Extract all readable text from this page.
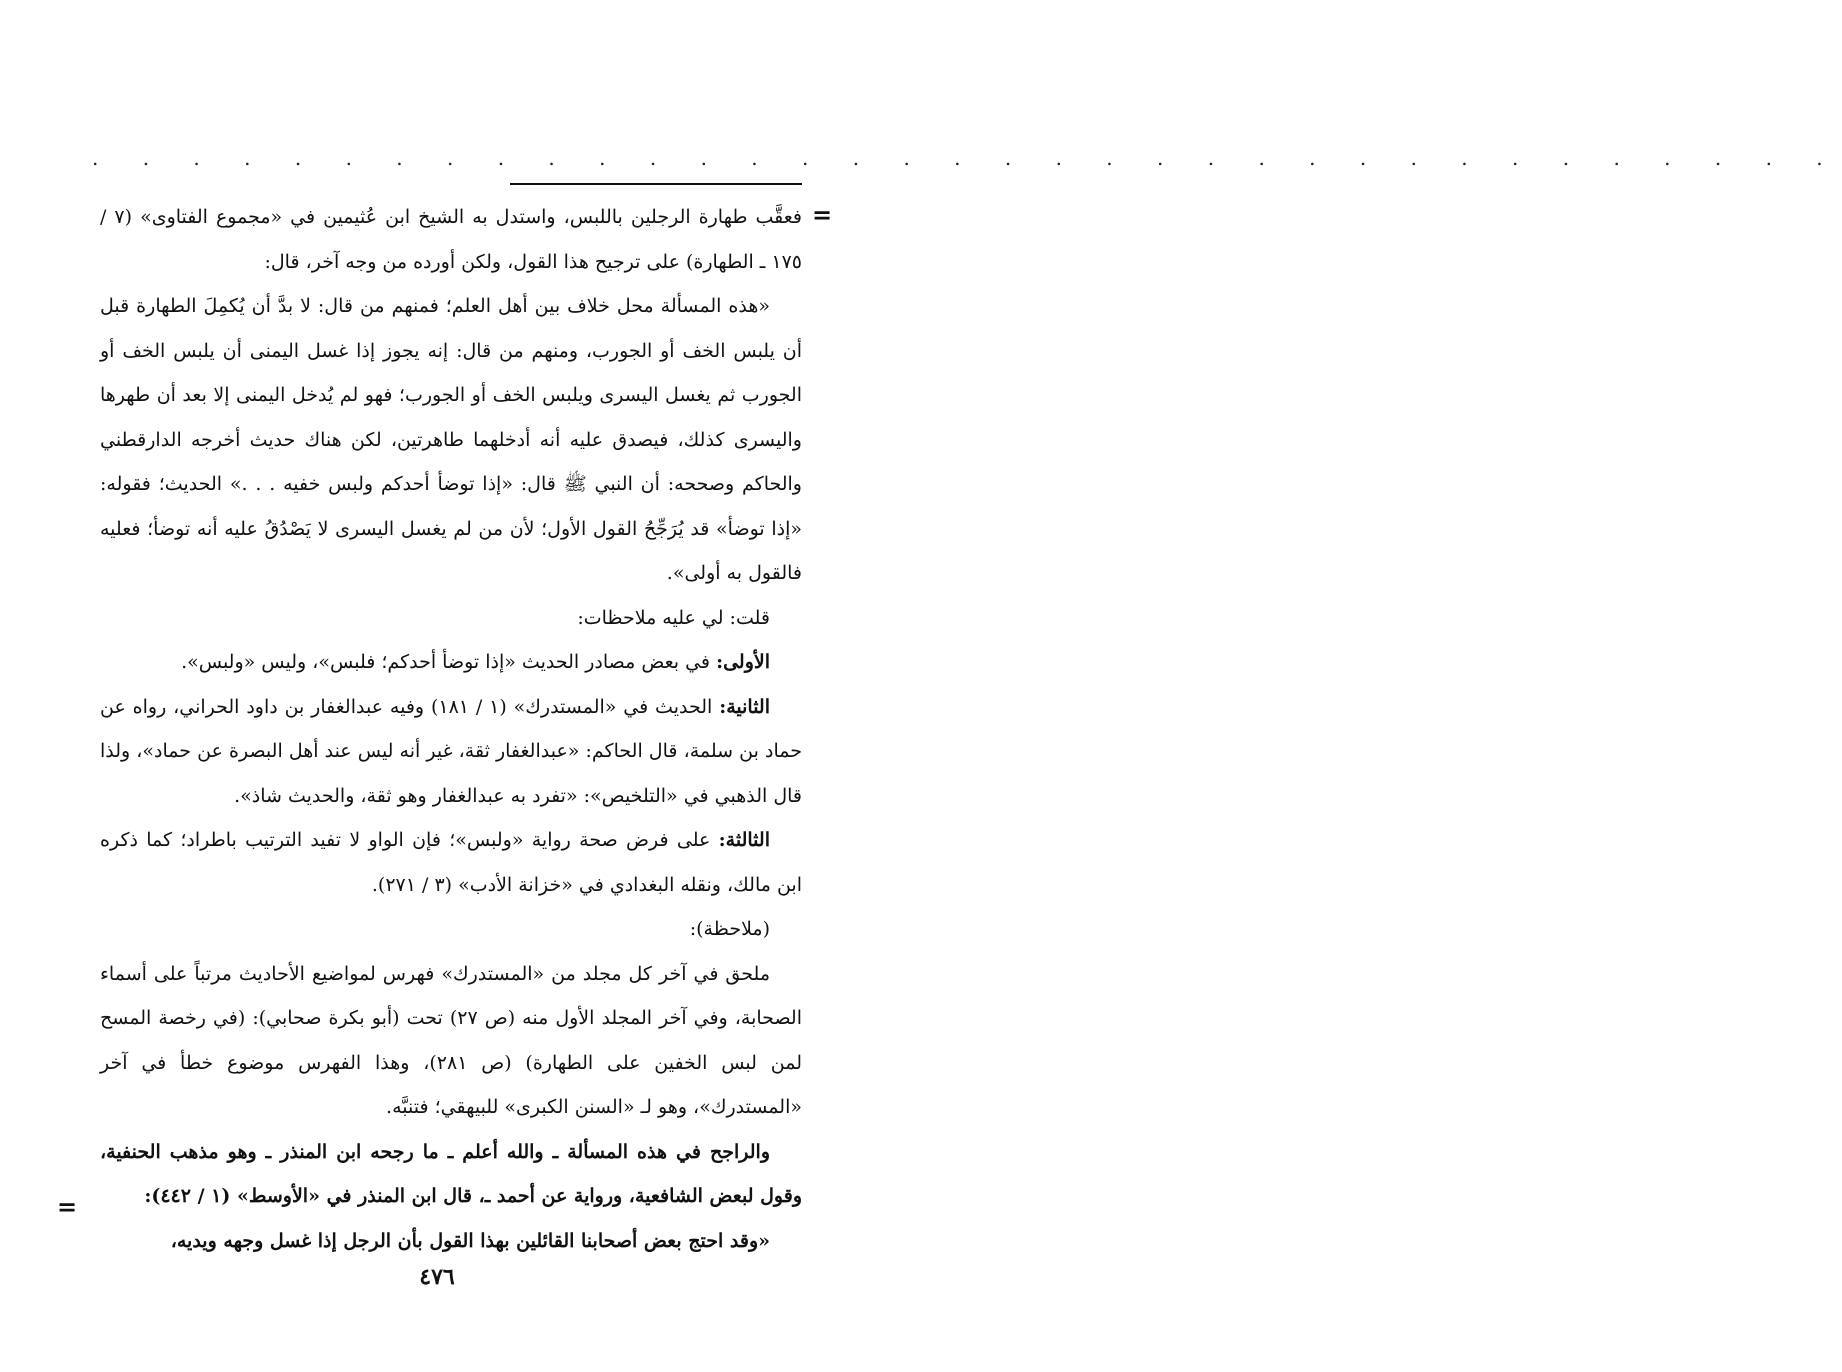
. . . . . . . . . . . . . . . . . . . . . . . . . . . . . . . . . . .
=
=

فعقَّب طهارة الرجلين باللبس، واستدل به الشيخ ابن عُثيمين في «مجموع الفتاوى» (٧ / ١٧٥ ـ الطهارة) على ترجيح هذا القول، ولكن أورده من وجه آخر، قال:

«هذه المسألة محل خلاف بين أهل العلم؛ فمنهم من قال: لا بدَّ أن يُكمِلَ الطهارة قبل أن يلبس الخف أو الجورب، ومنهم من قال: إنه يجوز إذا غسل اليمنى أن يلبس الخف أو الجورب ثم يغسل اليسرى ويلبس الخف أو الجورب؛ فهو لم يُدخل اليمنى إلا بعد أن طهرها واليسرى كذلك، فيصدق عليه أنه أدخلهما طاهرتين، لكن هناك حديث أخرجه الدارقطني والحاكم وصححه: أن النبي ﷺ قال: «إذا توضأ أحدكم ولبس خفيه . . .» الحديث؛ فقوله: «إذا توضأ» قد يُرَجِّحُ القول الأول؛ لأن من لم يغسل اليسرى لا يَصْدُقُ عليه أنه توضأ؛ فعليه فالقول به أولى».

قلت: لي عليه ملاحظات:

الأولى: في بعض مصادر الحديث «إذا توضأ أحدكم؛ فلبس»، وليس «ولبس».

الثانية: الحديث في «المستدرك» (١ / ١٨١) وفيه عبدالغفار بن داود الحراني، رواه عن حماد بن سلمة، قال الحاكم: «عبدالغفار ثقة، غير أنه ليس عند أهل البصرة عن حماد»، ولذا قال الذهبي في «التلخيص»: «تفرد به عبدالغفار وهو ثقة، والحديث شاذ».

الثالثة: على فرض صحة رواية «ولبس»؛ فإن الواو لا تفيد الترتيب باطراد؛ كما ذكره ابن مالك، ونقله البغدادي في «خزانة الأدب» (٣ / ٢٧١).

(ملاحظة):

ملحق في آخر كل مجلد من «المستدرك» فهرس لمواضيع الأحاديث مرتباً على أسماء الصحابة، وفي آخر المجلد الأول منه (ص ٢٧) تحت (أبو بكرة صحابي): (في رخصة المسح لمن لبس الخفين على الطهارة) (ص ٢٨١)، وهذا الفهرس موضوع خطأ في آخر «المستدرك»، وهو لـ «السنن الكبرى» للبيهقي؛ فتنبَّه.

والراجح في هذه المسألة ـ والله أعلم ـ ما رجحه ابن المنذر ـ وهو مذهب الحنفية، وقول لبعض الشافعية، ورواية عن أحمد ـ، قال ابن المنذر في «الأوسط» (١ / ٤٤٢):

«وقد احتج بعض أصحابنا القائلين بهذا القول بأن الرجل إذا غسل وجهه ويديه،

٤٧٦
